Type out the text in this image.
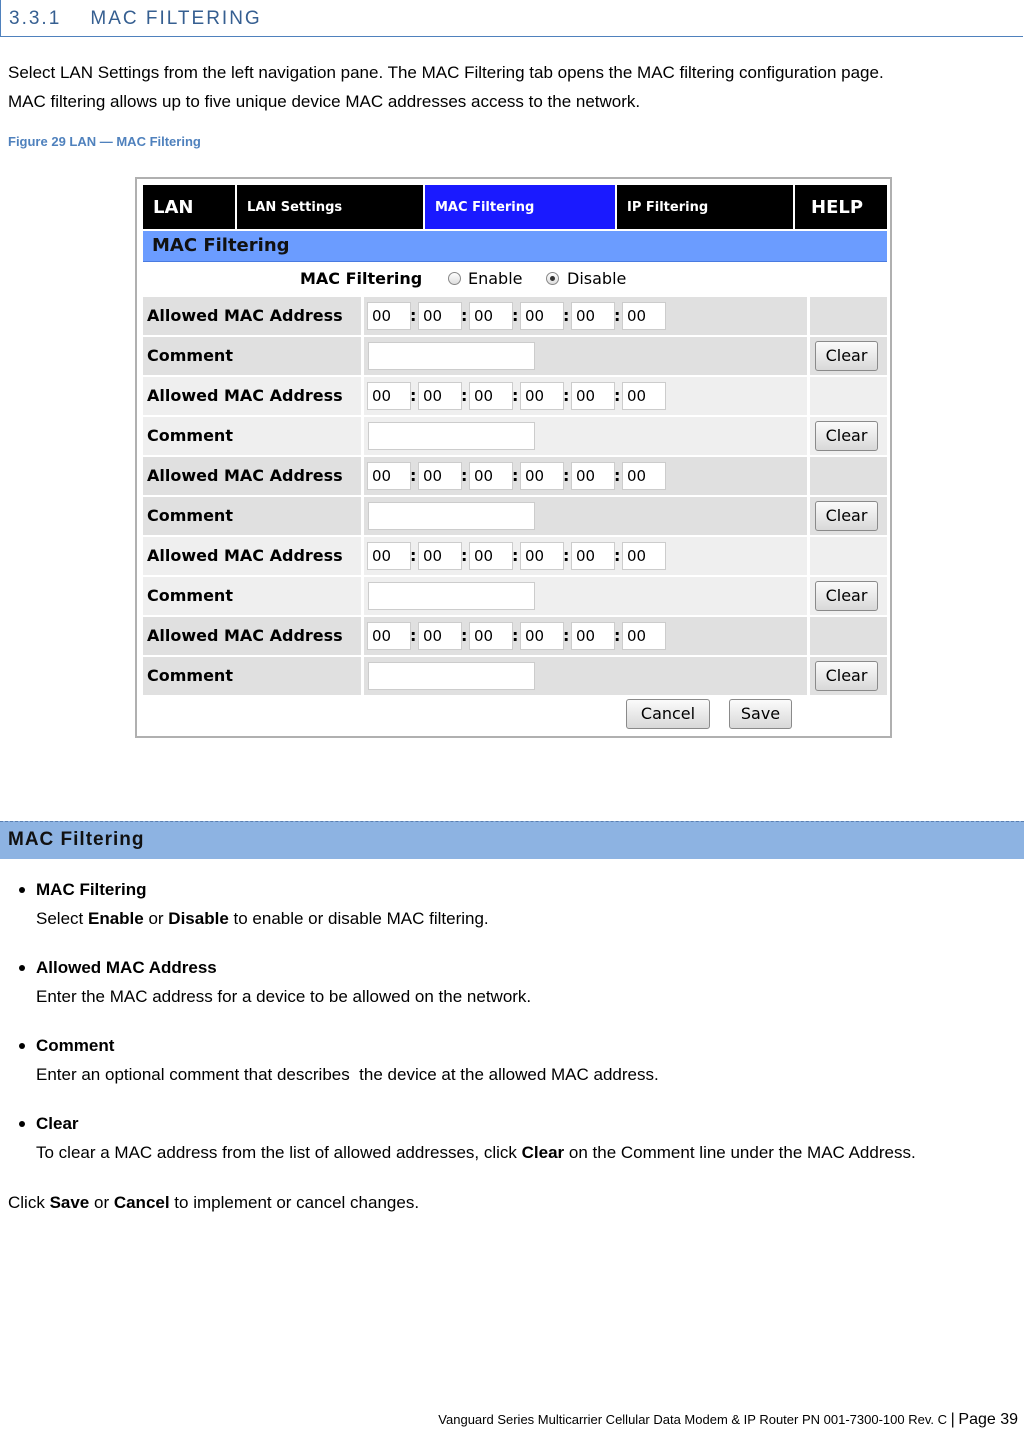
3.3.1 MAC FILTERING
Select LAN Settings from the left navigation pane. The MAC Filtering tab opens the MAC filtering configuration page.
MAC filtering allows up to five unique device MAC addresses access to the network.
Figure 29 LAN — MAC Filtering
LAN	LAN Settings	MAC Filtering	IP Filtering	HELP
MAC Filtering
MAC Filtering	Enable	Disable
Allowed MAC Address	00	: 00	: 00	: 00	: 00	: 00
Comment	Clear
Allowed MAC Address	00	: 00	: 00	: 00	: 00	: 00
Comment	Clear
Allowed MAC Address	00	: 00	: 00	: 00	: 00	: 00
Comment	Clear
Allowed MAC Address	00	: 00	: 00	: 00	: 00	: 00
Comment	Clear
Allowed MAC Address	00	: 00	: 00	: 00	: 00	: 00
Comment	Clear
Cancel	Save
MAC Filtering
MAC Filtering
Select Enable or Disable to enable or disable MAC filtering.
Allowed MAC Address
Enter the MAC address for a device to be allowed on the network.
Comment
Enter an optional comment that describes  the device at the allowed MAC address.
Clear
To clear a MAC address from the list of allowed addresses, click Clear on the Comment line under the MAC Address.
Click Save or Cancel to implement or cancel changes.
Vanguard Series Multicarrier Cellular Data Modem & IP Router PN 001-7300-100 Rev. C | Page 39
